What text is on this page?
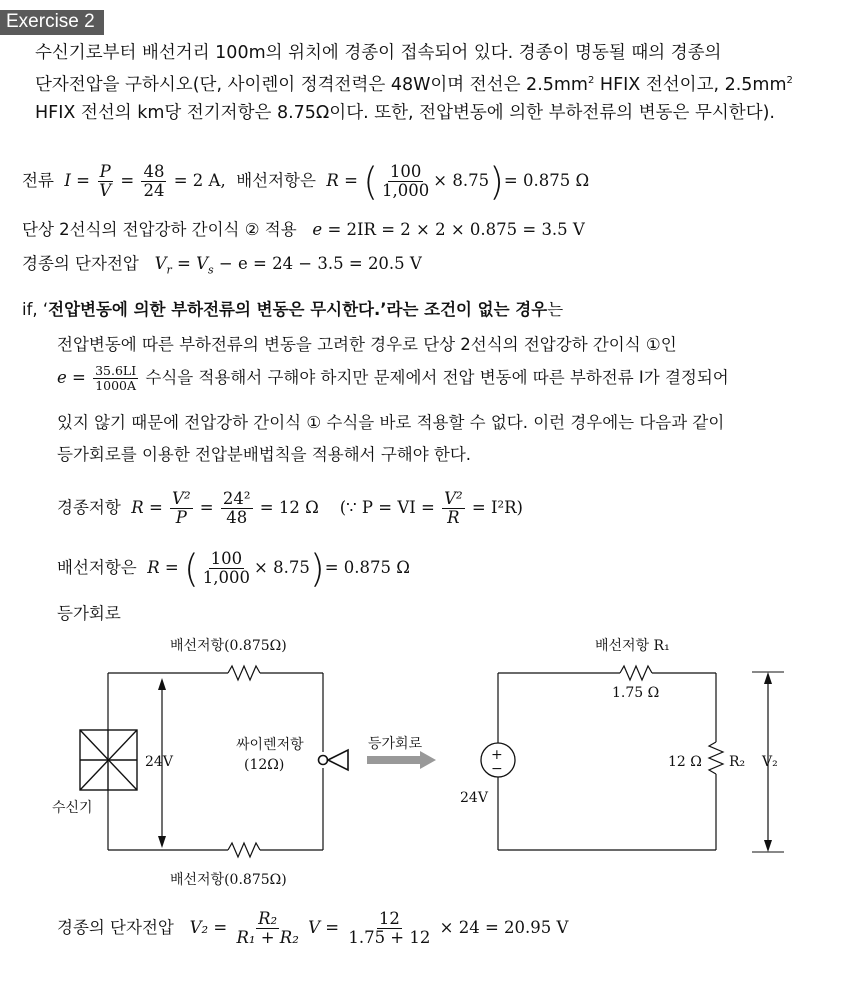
Exercise 2
수신기로부터 배선거리 100m의 위치에 경종이 접속되어 있다. 경종이 명동될 때의 경종의
단자전압을 구하시오(단, 사이렌이 정격전력은 48W이며 전선은 $2.5mm^2$ HFIX 전선이고, $2.5mm^2$
HFIX 전선의 km당 전기저항은 8.75Ω이다. 또한, 전압변동에 의한 부하전류의 변동은 무시한다).
전류  $I = \frac{P}{V} = \frac{48}{24} = 2$ A, 배선저항은 R = ( $\frac{100}{1,000} \times 8.75)= 0.875$ Ω
단상 2선식의 전압강하 간이식 ② 적용 e = 2IR = 2 × 2 × 0.875 = 3.5 V
경종의 단자전압 $V_r = V_s - e = 24 - 3.5 = 20.5$ V
if, ‘전압변동에 의한 부하전류의 변동은 무시한다.’라는 조건이 없는 경우는
전압변동에 따른 부하전류의 변동을 고려한 경우로 단상 2선식의 전압강하 간이식 ①인
$e = \frac{35.6LI}{1000A}$ 수식을 적용해서 구해야 하지만 문제에서 전압 변동에 따른 부하전류 I가 결정되어
있지 않기 때문에 전압강하 간이식 ① 수식을 바로 적용할 수 없다. 이런 경우에는 다음과 같이
등가회로를 이용한 전압분배법칙을 적용해서 구해야 한다.
경종저항 $R = \frac{\text{V²}}{P} = \frac{\text{24²}}{48} = 12$ Ω (∵ P = VI = $\frac{\text{V²}}{R} = I^2R$)
배선저항은 R = ( $\frac{100}{1,000} \times 8.75)= 0.875$ Ω
등가회로
배선저항(0.875Ω)
배선저항(0.875Ω)
24V
싸이렌저항
(12Ω)
수신기
등가회로
+
−
배선저항 R₁
1.75 Ω
12 Ω R₂ V₂
24V
경종의 단자전압 $V_2 = \frac{\text{R₂}}{\text{R₁ + R₂}}$ $V = \frac{12}{1.75 + 12} \times 24 = 20.95$ V
